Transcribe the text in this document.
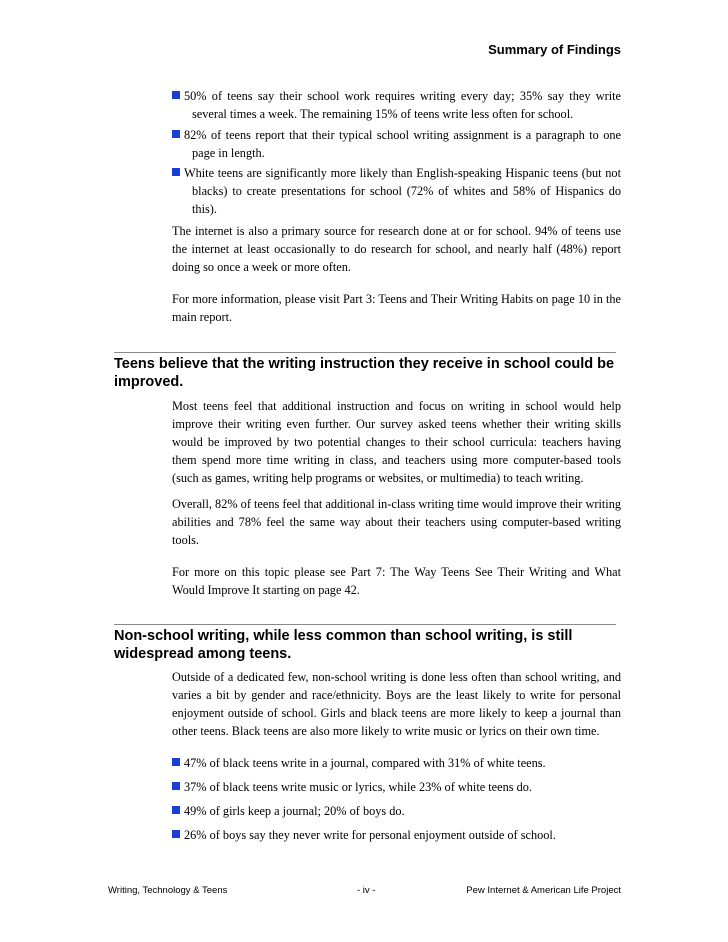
Summary of Findings
50% of teens say their school work requires writing every day; 35% say they write several times a week. The remaining 15% of teens write less often for school.
82% of teens report that their typical school writing assignment is a paragraph to one page in length.
White teens are significantly more likely than English-speaking Hispanic teens (but not blacks) to create presentations for school (72% of whites and 58% of Hispanics do this).
The internet is also a primary source for research done at or for school. 94% of teens use the internet at least occasionally to do research for school, and nearly half (48%) report doing so once a week or more often.
For more information, please visit Part 3: Teens and Their Writing Habits on page 10 in the main report.
Teens believe that the writing instruction they receive in school could be improved.
Most teens feel that additional instruction and focus on writing in school would help improve their writing even further. Our survey asked teens whether their writing skills would be improved by two potential changes to their school curricula: teachers having them spend more time writing in class, and teachers using more computer-based tools (such as games, writing help programs or websites, or multimedia) to teach writing.
Overall, 82% of teens feel that additional in-class writing time would improve their writing abilities and 78% feel the same way about their teachers using computer-based writing tools.
For more on this topic please see Part 7: The Way Teens See Their Writing and What Would Improve It starting on page 42.
Non-school writing, while less common than school writing, is still widespread among teens.
Outside of a dedicated few, non-school writing is done less often than school writing, and varies a bit by gender and race/ethnicity. Boys are the least likely to write for personal enjoyment outside of school. Girls and black teens are more likely to keep a journal than other teens. Black teens are also more likely to write music or lyrics on their own time.
47% of black teens write in a journal, compared with 31% of white teens.
37% of black teens write music or lyrics, while 23% of white teens do.
49% of girls keep a journal; 20% of boys do.
26% of boys say they never write for personal enjoyment outside of school.
Writing, Technology & Teens	- iv -	Pew Internet & American Life Project
